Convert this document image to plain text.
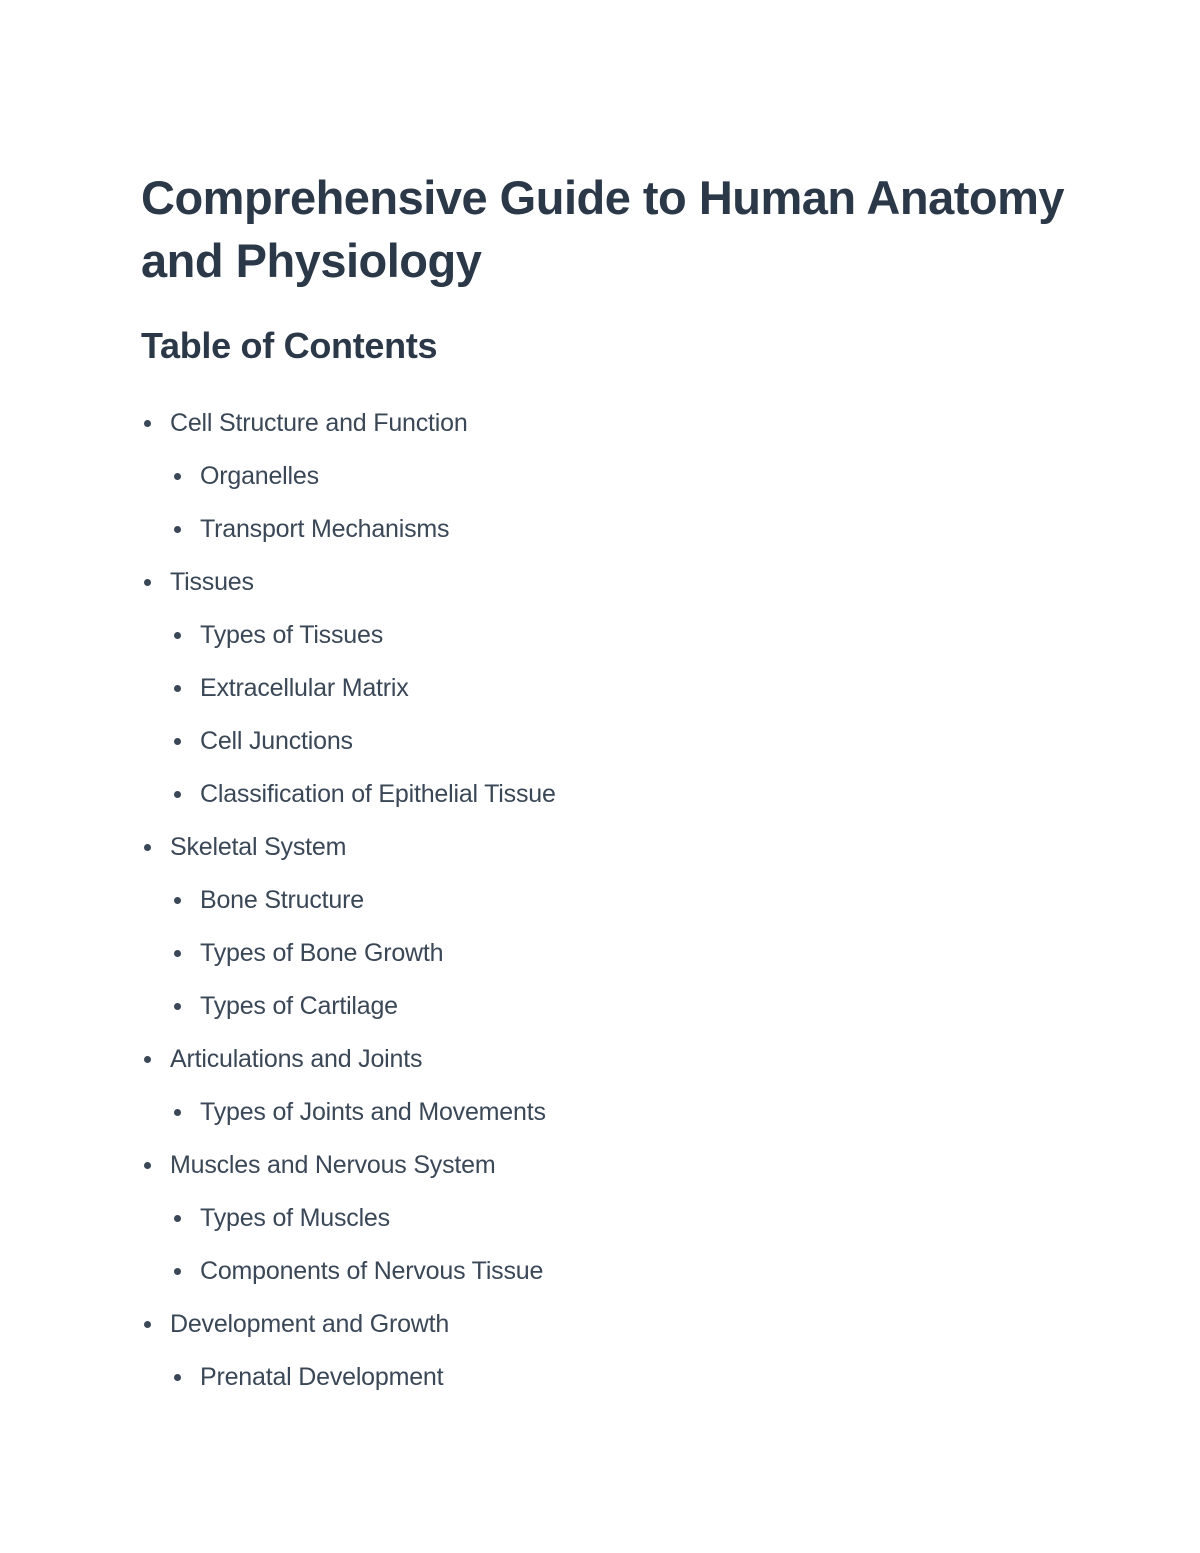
Comprehensive Guide to Human Anatomy and Physiology
Table of Contents
Cell Structure and Function
Organelles
Transport Mechanisms
Tissues
Types of Tissues
Extracellular Matrix
Cell Junctions
Classification of Epithelial Tissue
Skeletal System
Bone Structure
Types of Bone Growth
Types of Cartilage
Articulations and Joints
Types of Joints and Movements
Muscles and Nervous System
Types of Muscles
Components of Nervous Tissue
Development and Growth
Prenatal Development
